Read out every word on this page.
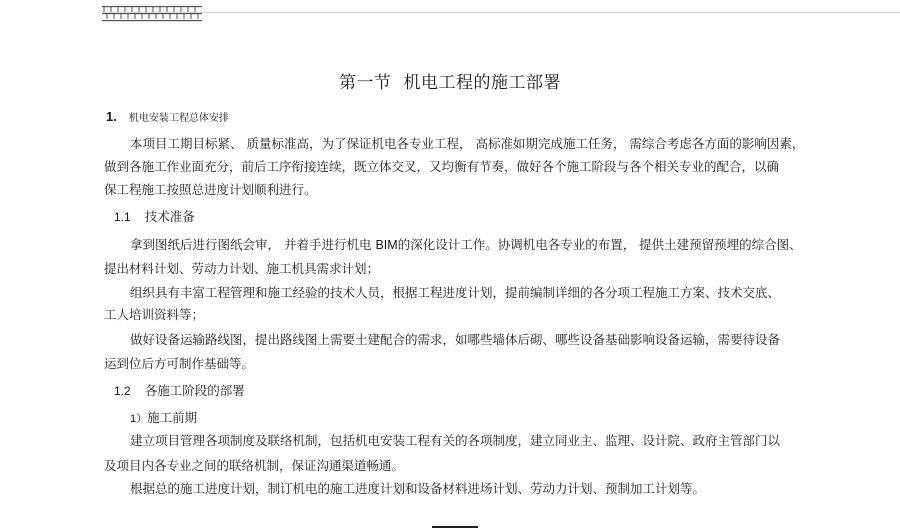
第一节 机电工程的施工部署
1. 机电安装工程总体安排
本项目工期目标紧、 质量标准高，为了保证机电各专业工程， 高标准如期完成施工任务， 需综合考虑各方面的影响因素，
做到各施工作业面充分，前后工序衔接连续，既立体交叉，又均衡有节奏，做好各个施工阶段与各个相关专业的配合，以确
保工程施工按照总进度计划顺利进行。
1.1 技术准备
拿到图纸后进行图纸会审， 并着手进行机电 BIM的深化设计工作。协调机电各专业的布置， 提供土建预留预埋的综合图、
提出材料计划、劳动力计划、施工机具需求计划；
组织具有丰富工程管理和施工经验的技术人员，根据工程进度计划，提前编制详细的各分项工程施工方案、技术交底、
工人培训资料等；
做好设备运输路线图，提出路线图上需要土建配合的需求，如哪些墙体后砌、哪些设备基础影响设备运输，需要待设备
运到位后方可制作基础等。
1.2 各施工阶段的部署
1）施工前期
建立项目管理各项制度及联络机制，包括机电安装工程有关的各项制度，建立同业主、监理、设计院、政府主管部门以
及项目内各专业之间的联络机制，保证沟通渠道畅通。
根据总的施工进度计划，制订机电的施工进度计划和设备材料进场计划、劳动力计划、预制加工计划等。
